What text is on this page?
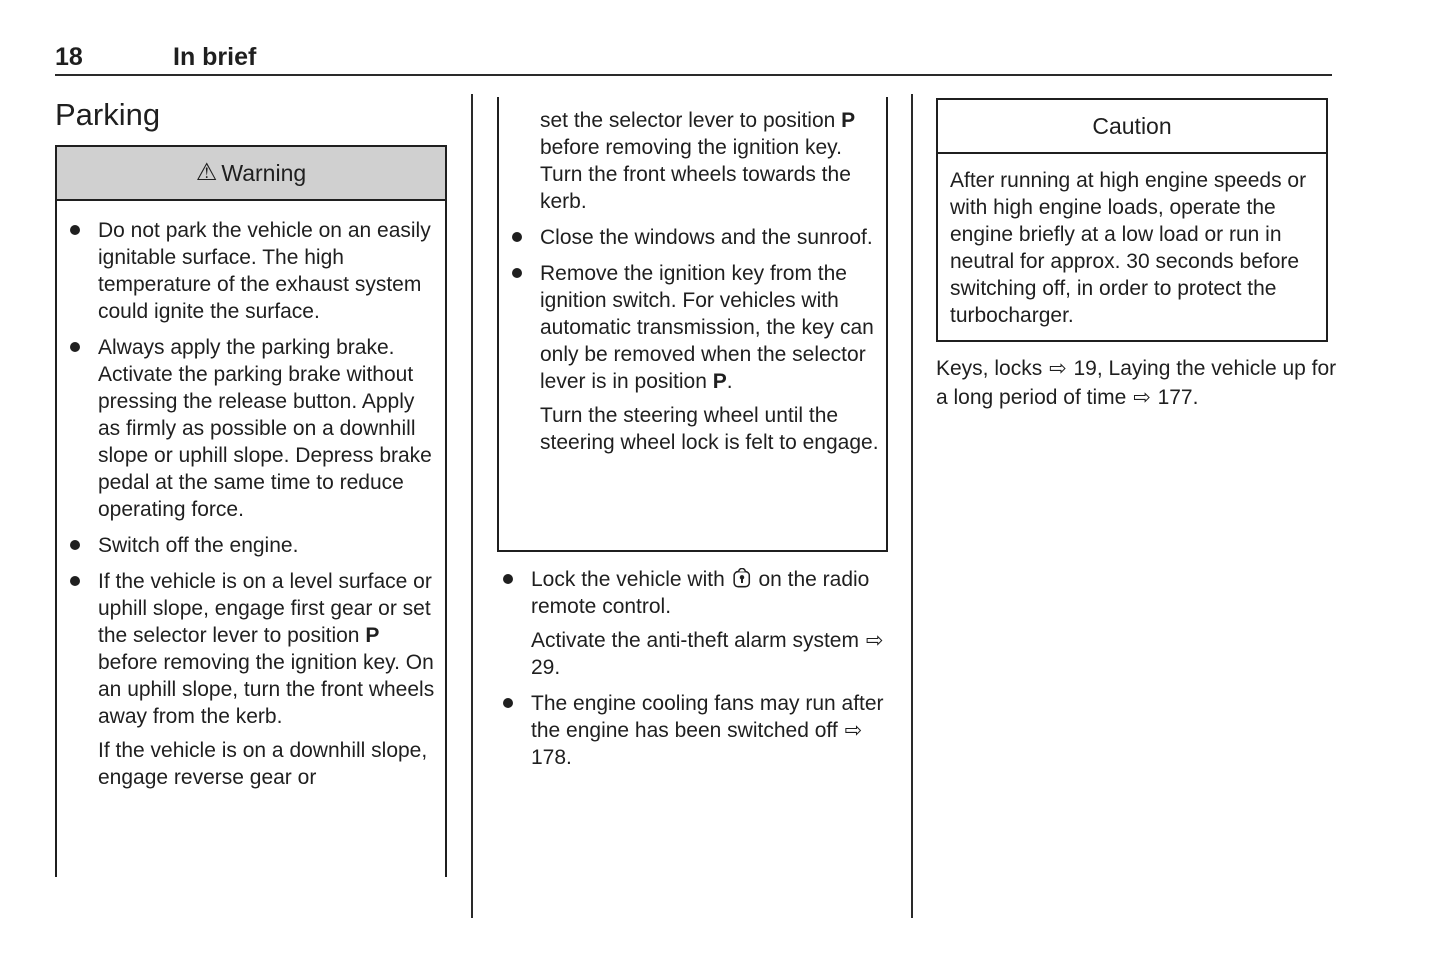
18	In brief
Parking
⚠ Warning

Do not park the vehicle on an easily ignitable surface. The high temperature of the exhaust system could ignite the surface.

Always apply the parking brake. Activate the parking brake without pressing the release button. Apply as firmly as possible on a downhill slope or uphill slope. Depress brake pedal at the same time to reduce operating force.

Switch off the engine.

If the vehicle is on a level surface or uphill slope, engage first gear or set the selector lever to position P before removing the ignition key. On an uphill slope, turn the front wheels away from the kerb.

If the vehicle is on a downhill slope, engage reverse gear or

set the selector lever to position P before removing the ignition key. Turn the front wheels towards the kerb.

Close the windows and the sunroof.

Remove the ignition key from the ignition switch. For vehicles with automatic transmission, the key can only be removed when the selector lever is in position P.

Turn the steering wheel until the steering wheel lock is felt to engage.

Lock the vehicle with  on the radio remote control.

Activate the anti-theft alarm system ⇨ 29.

The engine cooling fans may run after the engine has been switched off ⇨ 178.

Caution

After running at high engine speeds or with high engine loads, operate the engine briefly at a low load or run in neutral for approx. 30 seconds before switching off, in order to protect the turbocharger.

Keys, locks ⇨ 19, Laying the vehicle up for a long period of time ⇨ 177.
